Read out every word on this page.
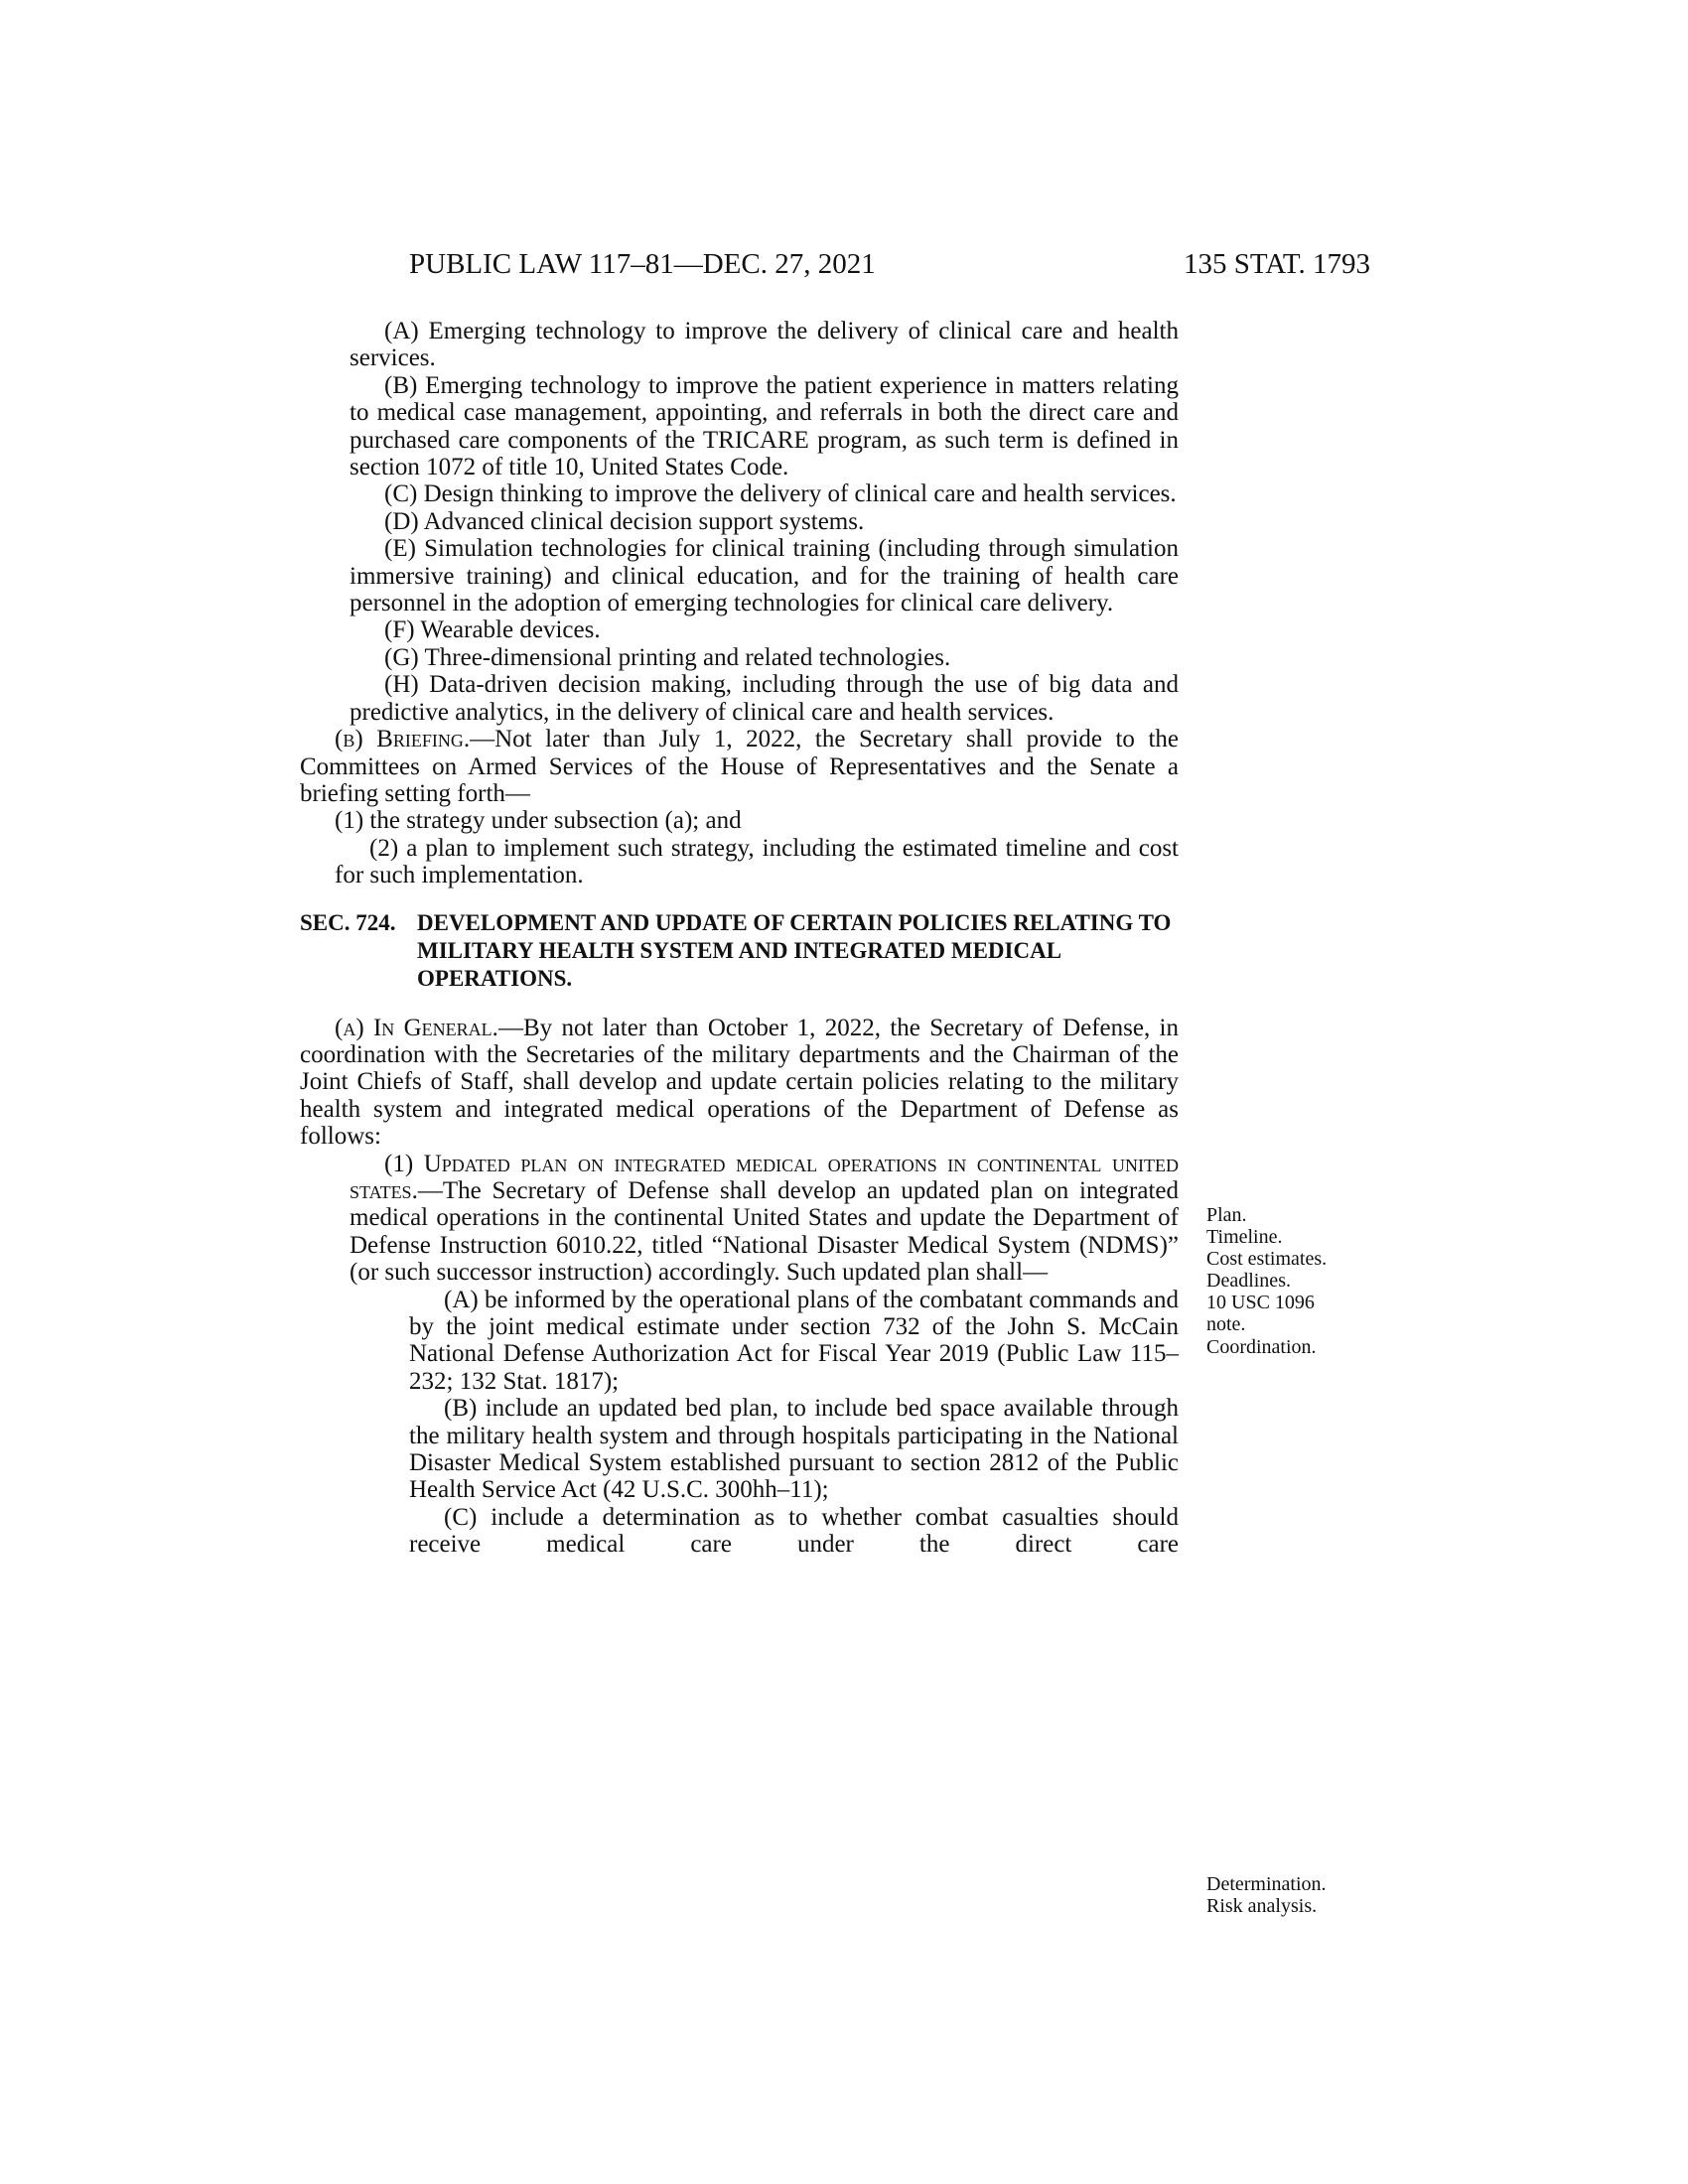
PUBLIC LAW 117–81—DEC. 27, 2021	135 STAT. 1793
(A) Emerging technology to improve the delivery of clinical care and health services.
(B) Emerging technology to improve the patient experience in matters relating to medical case management, appointing, and referrals in both the direct care and purchased care components of the TRICARE program, as such term is defined in section 1072 of title 10, United States Code.
(C) Design thinking to improve the delivery of clinical care and health services.
(D) Advanced clinical decision support systems.
(E) Simulation technologies for clinical training (including through simulation immersive training) and clinical education, and for the training of health care personnel in the adoption of emerging technologies for clinical care delivery.
(F) Wearable devices.
(G) Three-dimensional printing and related technologies.
(H) Data-driven decision making, including through the use of big data and predictive analytics, in the delivery of clinical care and health services.
(b) Briefing.—Not later than July 1, 2022, the Secretary shall provide to the Committees on Armed Services of the House of Representatives and the Senate a briefing setting forth—
(1) the strategy under subsection (a); and
(2) a plan to implement such strategy, including the estimated timeline and cost for such implementation.
SEC. 724. DEVELOPMENT AND UPDATE OF CERTAIN POLICIES RELATING TO MILITARY HEALTH SYSTEM AND INTEGRATED MEDICAL OPERATIONS.
(a) In General.—By not later than October 1, 2022, the Secretary of Defense, in coordination with the Secretaries of the military departments and the Chairman of the Joint Chiefs of Staff, shall develop and update certain policies relating to the military health system and integrated medical operations of the Department of Defense as follows:
(1) Updated plan on integrated medical operations in continental united states.—The Secretary of Defense shall develop an updated plan on integrated medical operations in the continental United States and update the Department of Defense Instruction 6010.22, titled “National Disaster Medical System (NDMS)” (or such successor instruction) accordingly. Such updated plan shall—
(A) be informed by the operational plans of the combatant commands and by the joint medical estimate under section 732 of the John S. McCain National Defense Authorization Act for Fiscal Year 2019 (Public Law 115–232; 132 Stat. 1817);
(B) include an updated bed plan, to include bed space available through the military health system and through hospitals participating in the National Disaster Medical System established pursuant to section 2812 of the Public Health Service Act (42 U.S.C. 300hh–11);
(C) include a determination as to whether combat casualties should receive medical care under the direct care
Plan.
Timeline.
Cost estimates.
Deadlines.
10 USC 1096
note.
Coordination.
Determination.
Risk analysis.
